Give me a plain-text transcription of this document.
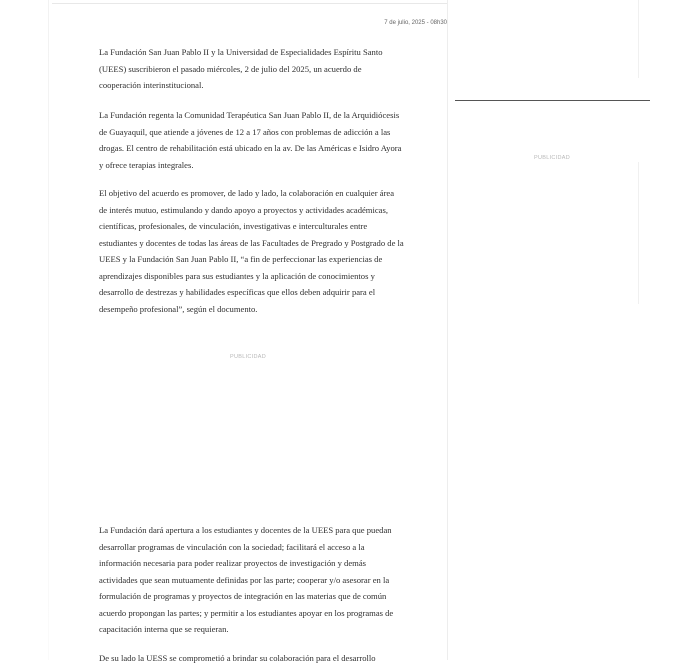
7 de julio, 2025 - 08h30

La Fundación San Juan Pablo II y la Universidad de Especialidades Espíritu Santo (UEES) suscribieron el pasado miércoles, 2 de julio del 2025, un acuerdo de cooperación interinstitucional.

La Fundación regenta la Comunidad Terapéutica San Juan Pablo II, de la Arquidiócesis de Guayaquil, que atiende a jóvenes de 12 a 17 años con problemas de adicción a las drogas. El centro de rehabilitación está ubicado en la av. De las Américas e Isidro Ayora y ofrece terapias integrales.

El objetivo del acuerdo es promover, de lado y lado, la colaboración en cualquier área de interés mutuo, estimulando y dando apoyo a proyectos y actividades académicas, científicas, profesionales, de vinculación, investigativas e interculturales entre estudiantes y docentes de todas las áreas de las Facultades de Pregrado y Postgrado de la UEES y la Fundación San Juan Pablo II, “a fin de perfeccionar las experiencias de aprendizajes disponibles para sus estudiantes y la aplicación de conocimientos y desarrollo de destrezas y habilidades específicas que ellos deben adquirir para el desempeño profesional”, según el documento.

PUBLICIDAD

La Fundación dará apertura a los estudiantes y docentes de la UEES para que puedan desarrollar programas de vinculación con la sociedad; facilitará el acceso a la información necesaria para poder realizar proyectos de investigación y demás actividades que sean mutuamente definidas por las parte; cooperar y/o asesorar en la formulación de programas y proyectos de integración en las materias que de común acuerdo propongan las partes; y permitir a los estudiantes apoyar en los programas de capacitación interna que se requieran.

De su lado la UESS se comprometió a brindar su colaboración para el desarrollo

PUBLICIDAD
